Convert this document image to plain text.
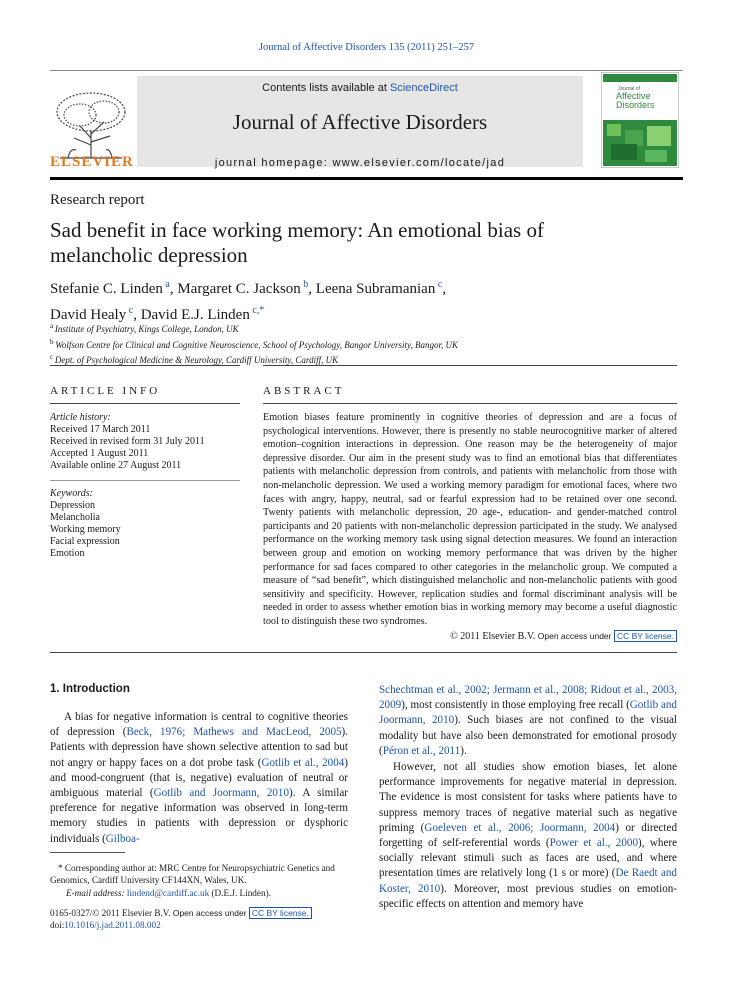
Journal of Affective Disorders 135 (2011) 251–257
Contents lists available at ScienceDirect
Journal of Affective Disorders
journal homepage: www.elsevier.com/locate/jad
ELSEVIER
Journal of
Affective Disorders
Research report
Sad benefit in face working memory: An emotional bias of melancholic depression
Stefanie C. Linden $^a$, Margaret C. Jackson $^b$, Leena Subramanian $^c$,
David Healy $^c$, David E.J. Linden $^{c,*}$
$^a$ Institute of Psychiatry, Kings College, London, UK
$^b$ Wolfson Centre for Clinical and Cognitive Neuroscience, School of Psychology, Bangor University, Bangor, UK
$^c$ Dept. of Psychological Medicine & Neurology, Cardiff University, Cardiff, UK
ARTICLE INFO	ABSTRACT
Article history:
Received 17 March 2011
Received in revised form 31 July 2011
Accepted 1 August 2011
Available online 27 August 2011
Keywords:
Depression
Melancholia
Working memory
Facial expression
Emotion
Emotion biases feature prominently in cognitive theories of depression and are a focus of psychological interventions. However, there is presently no stable neurocognitive marker of altered emotion–cognition interactions in depression. One reason may be the heterogeneity of major depressive disorder. Our aim in the present study was to find an emotional bias that differentiates patients with melancholic depression from controls, and patients with melancholic from those with non-melancholic depression. We used a working memory paradigm for emotional faces, where two faces with angry, happy, neutral, sad or fearful expression had to be retained over one second. Twenty patients with melancholic depression, 20 age-, education- and gender-matched control participants and 20 patients with non-melancholic depression participated in the study. We analysed performance on the working memory task using signal detection measures. We found an interaction between group and emotion on working memory performance that was driven by the higher performance for sad faces compared to other categories in the melancholic group. We computed a measure of “sad benefit”, which distinguished melancholic and non-melancholic patients with good sensitivity and specificity. However, replication studies and formal discriminant analysis will be needed in order to assess whether emotion bias in working memory may become a useful diagnostic tool to distinguish these two syndromes.
© 2011 Elsevier B.V. Open access under CC BY license.
1. Introduction

A bias for negative information is central to cognitive theories of depression (Beck, 1976; Mathews and MacLeod, 2005). Patients with depression have shown selective attention to sad but not angry or happy faces on a dot probe task (Gotlib et al., 2004) and mood-congruent (that is, negative) evaluation of neutral or ambiguous material (Gotlib and Joormann, 2010). A similar preference for negative information was observed in long-term memory studies in patients with depression or dysphoric individuals (Gilboa-

Schechtman et al., 2002; Jermann et al., 2008; Ridout et al., 2003, 2009), most consistently in those employing free recall (Gotlib and Joormann, 2010). Such biases are not confined to the visual modality but have also been demonstrated for emotional prosody (Péron et al., 2011).

However, not all studies show emotion biases, let alone performance improvements for negative material in depression. The evidence is most consistent for tasks where patients have to suppress memory traces of negative material such as negative priming (Goeleven et al., 2006; Joormann, 2004) or directed forgetting of self-referential words (Power et al., 2000), where socially relevant stimuli such as faces are used, and where presentation times are relatively long (1 s or more) (De Raedt and Koster, 2010). Moreover, most previous studies on emotion-specific effects on attention and memory have

* Corresponding author at: MRC Centre for Neuropsychiatric Genetics and Genomics, Cardiff University CF144XN, Wales, UK.
E-mail address: lindend@cardiff.ac.uk (D.E.J. Linden).
0165-0327/© 2011 Elsevier B.V. Open access under CC BY license.
doi:10.1016/j.jad.2011.08.002
